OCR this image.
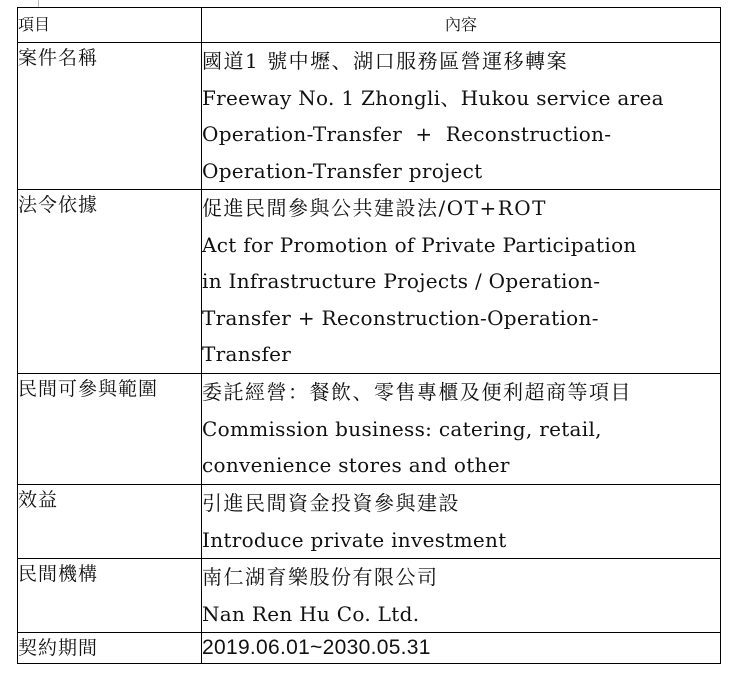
項目	內容
案件名稱	國道1 號中壢、湖口服務區營運移轉案
Freeway No. 1 Zhongli、Hukou service area
Operation-Transfer  +  Reconstruction-
Operation-Transfer project

法令依據	促進民間參與公共建設法/OT+ROT
Act for Promotion of Private Participation
in Infrastructure Projects / Operation-
Transfer + Reconstruction-Operation-
Transfer

民間可參與範圍	委託經營：餐飲、零售專櫃及便利超商等項目
Commission business: catering, retail,
convenience stores and other

效益	引進民間資金投資參與建設
Introduce private investment

民間機構	南仁湖育樂股份有限公司
Nan Ren Hu Co. Ltd.

契約期間	2019.06.01~2030.05.31
